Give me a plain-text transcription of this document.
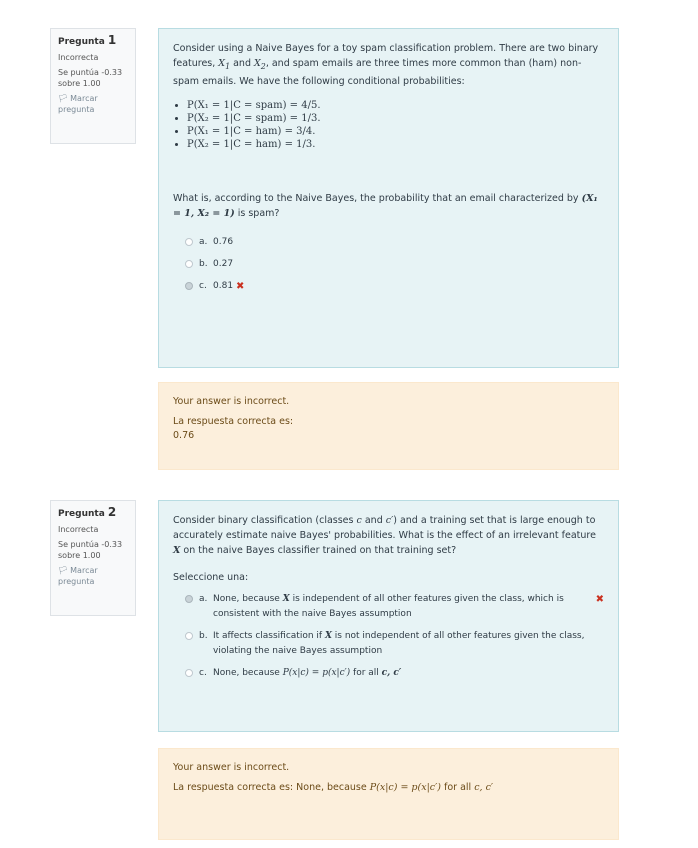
Pregunta 1
Incorrecta
Se puntúa -0.33 sobre 1.00
🏳 Marcar pregunta

Consider using a Naive Bayes for a toy spam classification problem. There are two binary features, $X_1$ and $X_2$, and spam emails are three times more common than (ham) non-spam emails. We have the following conditional probabilities:

• P(X₁ = 1|C = spam) = 4/5.
• P(X₂ = 1|C = spam) = 1/3.
• P(X₁ = 1|C = ham) = 3/4.
• P(X₂ = 1|C = ham) = 1/3.

What is, according to the Naive Bayes, the probability that an email characterized by (X₁ = 1, X₂ = 1) is spam?

a. 0.76
b. 0.27
c. 0.81 ✖

Your answer is incorrect.

La respuesta correcta es:

0.76

Pregunta 2
Incorrecta
Se puntúa -0.33 sobre 1.00
🏳 Marcar pregunta

Consider binary classification (classes c and c′) and a training set that is large enough to accurately estimate naive Bayes' probabilities. What is the effect of an irrelevant feature X on the naive Bayes classifier trained on that training set?

Seleccione una:

a. None, because X is independent of all other features given the class, which is consistent with the naive Bayes assumption
✖
b. It affects classification if X is not independent of all other features given the class, violating the naive Bayes assumption
c. None, because P(x|c) = p(x|c′) for all c, c′

Your answer is incorrect.

La respuesta correcta es: None, because P(x|c) = p(x|c′) for all c, c′
